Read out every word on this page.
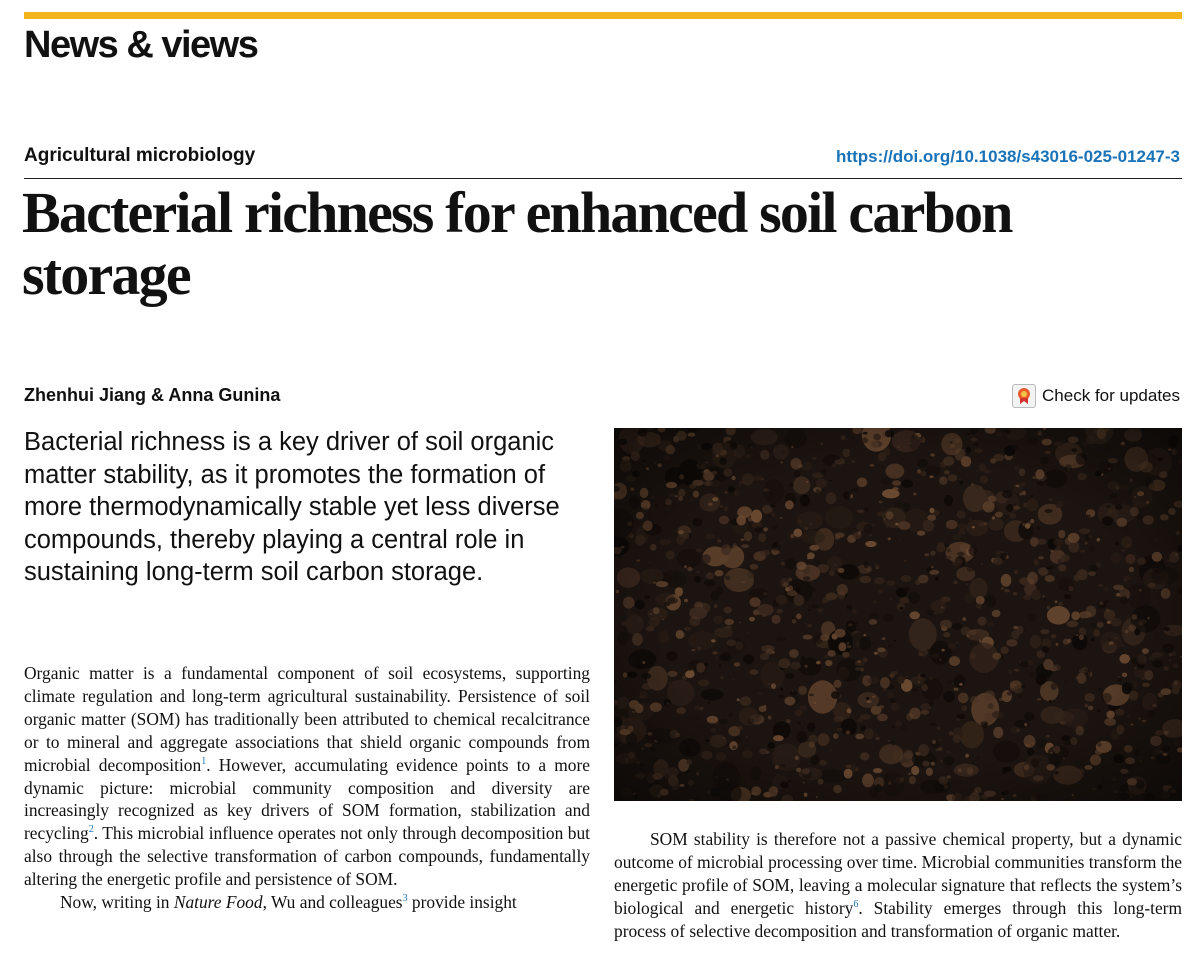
News & views
Agricultural microbiology	https://doi.org/10.1038/s43016-025-01247-3
Bacterial richness for enhanced soil carbon storage
Zhenhui Jiang & Anna Gunina	Check for updates

Bacterial richness is a key driver of soil organic matter stability, as it promotes the formation of more thermodynamically stable yet less diverse compounds, thereby playing a central role in sustaining long-term soil carbon storage.

Organic matter is a fundamental component of soil ecosystems, supporting climate regulation and long-term agricultural sustainability. Persistence of soil organic matter (SOM) has traditionally been attributed to chemical recalcitrance or to mineral and aggregate associations that shield organic compounds from microbial decomposition$^1$. However, accumulating evidence points to a more dynamic picture: microbial community composition and diversity are increasingly recognized as key drivers of SOM formation, stabilization and recycling$^2$. This microbial influence operates not only through decomposition but also through the selective transformation of carbon compounds, fundamentally altering the energetic profile and persistence of SOM.

Now, writing in Nature Food, Wu and colleagues$^3$ provide insight

SOM stability is therefore not a passive chemical property, but a dynamic outcome of microbial processing over time. Microbial communities transform the energetic profile of SOM, leaving a molecular signature that reflects the system’s biological and energetic history$^6$. Stability emerges through this long-term process of selective decomposition and transformation of organic matter.
